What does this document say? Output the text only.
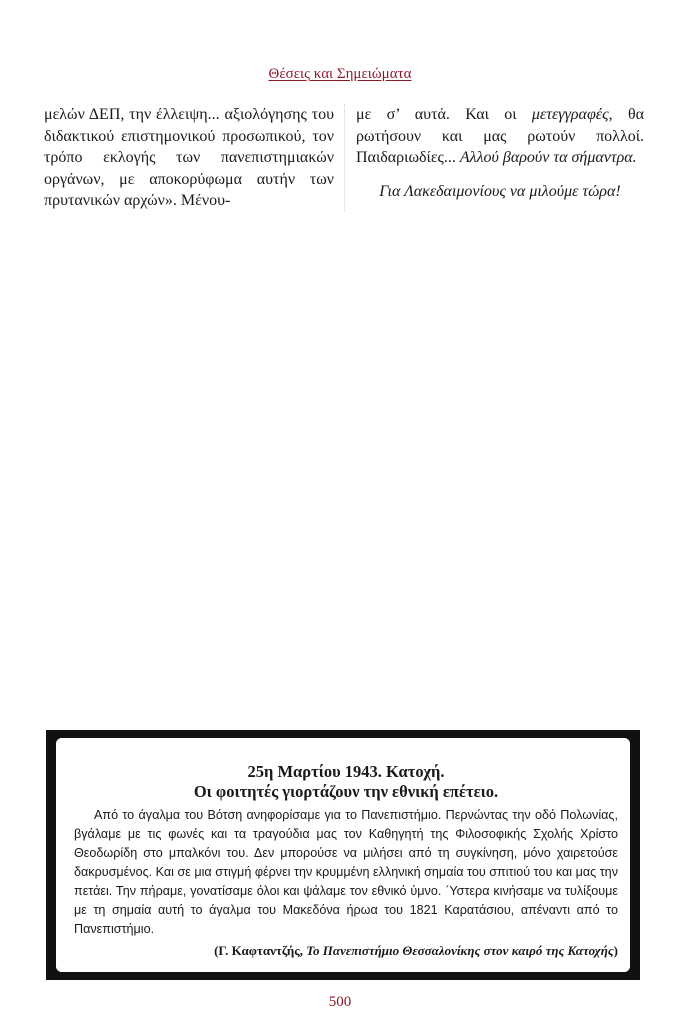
Θέσεις και Σημειώματα

μελών ΔΕΠ, την έλλειψη... αξιολόγησης του διδακτικού επιστημονικού προσωπικού, τον τρόπο εκλογής των πανεπιστημιακών οργάνων, με αποκορύφωμα αυτήν των πρυτανικών αρχών». Μένου-

με σ’ αυτά. Και οι μετεγγραφές, θα ρωτήσουν και μας ρωτούν πολλοί. Παιδαριωδίες... Αλλού βαρούν τα σήμαντρα.

Για Λακεδαιμονίους να μιλούμε τώρα!

25η Μαρτίου 1943. Κατοχή.

Οι φοιτητές γιορτάζουν την εθνική επέτειο.

Από το άγαλμα του Βότση ανηφορίσαμε για το Πανεπιστήμιο. Περνώντας την οδό Πολωνίας, βγάλαμε με τις φωνές και τα τραγούδια μας τον Καθηγητή της Φιλοσοφικής Σχολής Χρίστο Θεοδωρίδη στο μπαλκόνι του. Δεν μπορούσε να μιλήσει από τη συγκίνηση, μόνο χαιρετούσε δακρυσμένος. Και σε μια στιγμή φέρνει την κρυμμένη ελληνική σημαία του σπιτιού του και μας την πετάει. Την πήραμε, γονατίσαμε όλοι και ψάλαμε τον εθνικό ύμνο. ΄Υστερα κινήσαμε να τυλίξουμε με τη σημαία αυτή το άγαλμα του Μακεδόνα ήρωα του 1821 Καρατάσιου, απέναντι από το Πανεπιστήμιο.

(Γ. Καφταντζής, Το Πανεπιστήμιο Θεσσαλονίκης στον καιρό της Κατοχής)

500
